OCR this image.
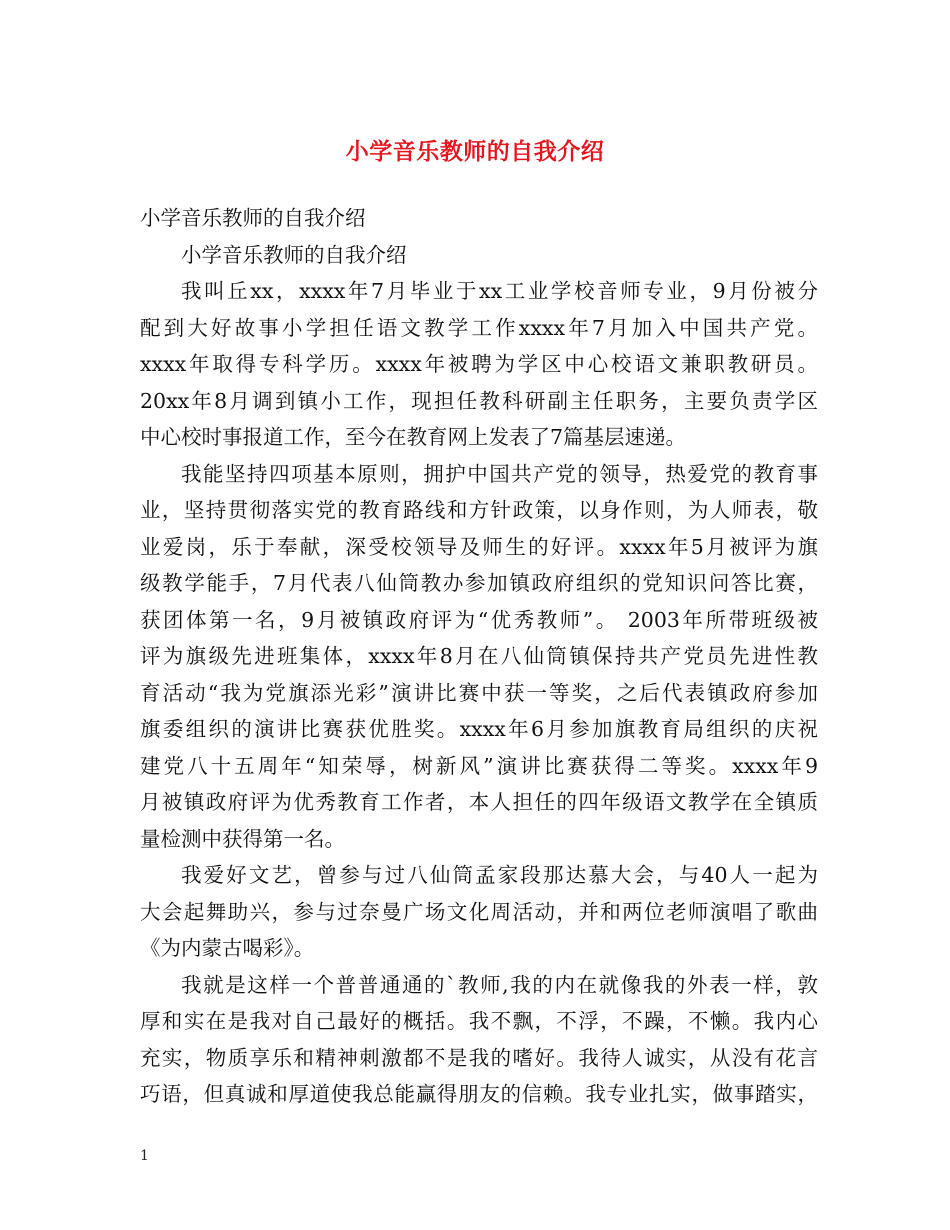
小学音乐教师的自我介绍
小学音乐教师的自我介绍
小学音乐教师的自我介绍
我叫丘xx，xxxx年7月毕业于xx工业学校音师专业，9月份被分
配到大好故事小学担任语文教学工作xxxx年7月加入中国共产党。
xxxx年取得专科学历。xxxx年被聘为学区中心校语文兼职教研员。
20xx年8月调到镇小工作，现担任教科研副主任职务，主要负责学区
中心校时事报道工作，至今在教育网上发表了7篇基层速递。
我能坚持四项基本原则，拥护中国共产党的领导，热爱党的教育事
业，坚持贯彻落实党的教育路线和方针政策，以身作则，为人师表，敬
业爱岗，乐于奉献，深受校领导及师生的好评。xxxx年5月被评为旗
级教学能手，7月代表八仙筒教办参加镇政府组织的党知识问答比赛，
获团体第一名，9月被镇政府评为“优秀教师”。 2003年所带班级被
评为旗级先进班集体，xxxx年8月在八仙筒镇保持共产党员先进性教
育活动“我为党旗添光彩”演讲比赛中获一等奖，之后代表镇政府参加
旗委组织的演讲比赛获优胜奖。xxxx年6月参加旗教育局组织的庆祝
建党八十五周年“知荣辱，树新风”演讲比赛获得二等奖。xxxx年9
月被镇政府评为优秀教育工作者，本人担任的四年级语文教学在全镇质
量检测中获得第一名。
我爱好文艺，曾参与过八仙筒孟家段那达慕大会，与40人一起为
大会起舞助兴，参与过奈曼广场文化周活动，并和两位老师演唱了歌曲
《为内蒙古喝彩》。
我就是这样一个普普通通的`教师,我的内在就像我的外表一样，敦
厚和实在是我对自己最好的概括。我不飘，不浮，不躁，不懒。我内心
充实，物质享乐和精神刺激都不是我的嗜好。我待人诚实，从没有花言
巧语，但真诚和厚道使我总能赢得朋友的信赖。我专业扎实，做事踏实，
1
